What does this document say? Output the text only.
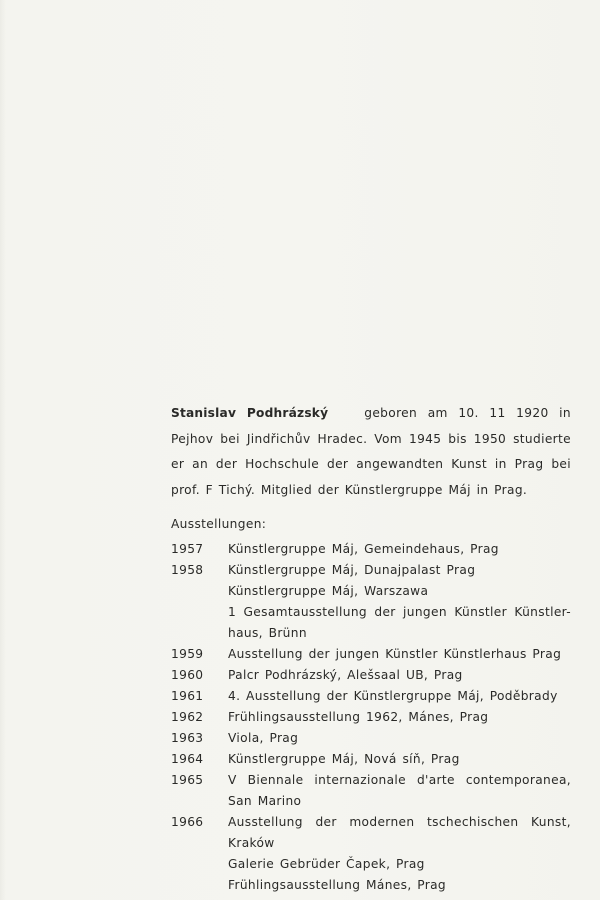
Stanislav Podhrázský	geboren am 10. 11 1920 in Pejhov bei Jindřichův Hradec. Vom 1945 bis 1950 studierte er an der Hochschule der angewandten Kunst in Prag bei prof. F Tichý. Mitglied der Künstlergruppe Máj in Prag.

Ausstellungen:
1957	Künstlergruppe Máj, Gemeindehaus, Prag
1958	Künstlergruppe Máj, Dunajpalast Prag
Künstlergruppe Máj, Warszawa
1 Gesamtausstellung der jungen Künstler Künstler-haus, Brünn
1959	Ausstellung der jungen Künstler Künstlerhaus Prag
1960	Palcr Podhrázský, Alešsaal UB, Prag
1961	4. Ausstellung der Künstlergruppe Máj, Poděbrady
1962	Frühlingsausstellung 1962, Mánes, Prag
1963	Viola, Prag
1964	Künstlergruppe Máj, Nová síň, Prag
1965	V Biennale internazionale d'arte contemporanea, San Marino
1966	Ausstellung der modernen tschechischen Kunst, Kraków
Galerie Gebrüder Čapek, Prag
Frühlingsausstellung Mánes, Prag
